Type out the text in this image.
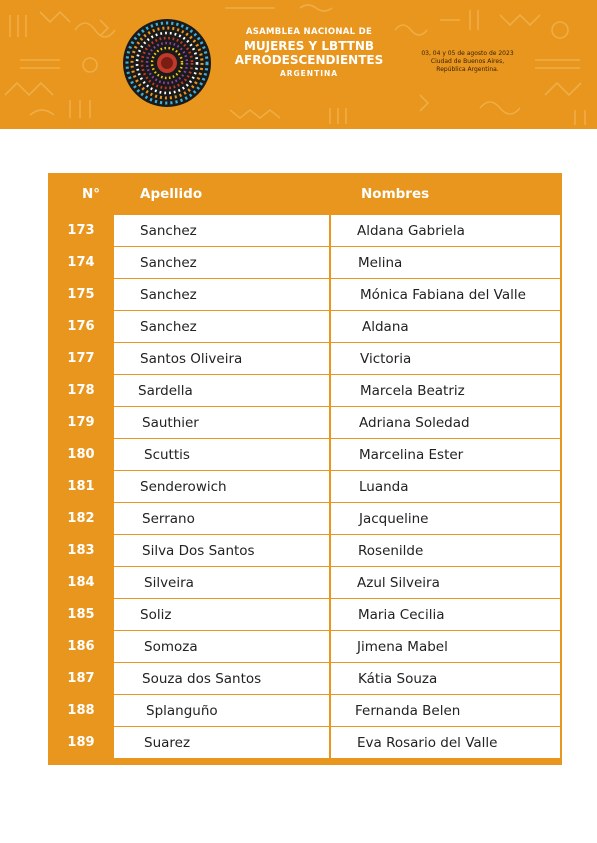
ASAMBLEA NACIONAL DE
MUJERES Y LBTTNB
AFRODESCENDIENTES
ARGENTINA
03, 04 y 05 de agosto de 2023
Ciudad de Buenos Aires,
República Argentina.
N°	Apellido	Nombres
173	Sanchez	Aldana Gabriela
174	Sanchez	Melina
175	Sanchez	Mónica Fabiana del Valle
176	Sanchez	Aldana
177	Santos Oliveira	Victoria
178	Sardella	Marcela Beatriz
179	Sauthier	Adriana Soledad
180	Scuttis	Marcelina Ester
181	Senderowich	Luanda
182	Serrano	Jacqueline
183	Silva Dos Santos	Rosenilde
184	Silveira	Azul Silveira
185	Soliz	Maria Cecilia
186	Somoza	Jimena Mabel
187	Souza dos Santos	Kátia Souza
188	Splanguño	Fernanda Belen
189	Suarez	Eva Rosario del Valle
